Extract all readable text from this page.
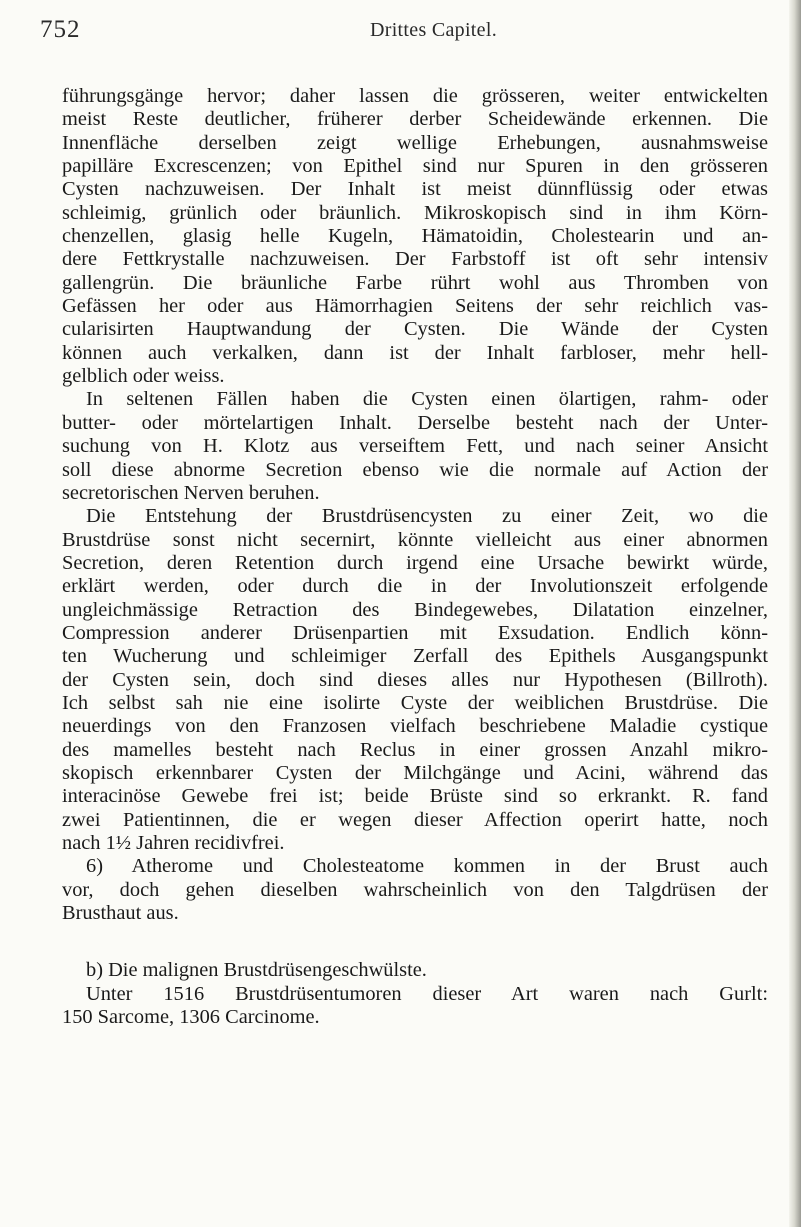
752	Drittes Capitel.
führungsgänge hervor; daher lassen die grösseren, weiter entwickelten
meist Reste deutlicher, früherer derber Scheidewände erkennen. Die
Innenfläche derselben zeigt wellige Erhebungen, ausnahmsweise
papilläre Excrescenzen; von Epithel sind nur Spuren in den grösseren
Cysten nachzuweisen. Der Inhalt ist meist dünnflüssig oder etwas
schleimig, grünlich oder bräunlich. Mikroskopisch sind in ihm Körn-
chenzellen, glasig helle Kugeln, Hämatoidin, Cholestearin und an-
dere Fettkrystalle nachzuweisen. Der Farbstoff ist oft sehr intensiv
gallengrün. Die bräunliche Farbe rührt wohl aus Thromben von
Gefässen her oder aus Hämorrhagien Seitens der sehr reichlich vas-
cularisirten Hauptwandung der Cysten. Die Wände der Cysten
können auch verkalken, dann ist der Inhalt farbloser, mehr hell-
gelblich oder weiss.
In seltenen Fällen haben die Cysten einen ölartigen, rahm- oder
butter- oder mörtelartigen Inhalt. Derselbe besteht nach der Unter-
suchung von H. Klotz aus verseiftem Fett, und nach seiner Ansicht
soll diese abnorme Secretion ebenso wie die normale auf Action der
secretorischen Nerven beruhen.
Die Entstehung der Brustdrüsencysten zu einer Zeit, wo die
Brustdrüse sonst nicht secernirt, könnte vielleicht aus einer abnormen
Secretion, deren Retention durch irgend eine Ursache bewirkt würde,
erklärt werden, oder durch die in der Involutionszeit erfolgende
ungleichmässige Retraction des Bindegewebes, Dilatation einzelner,
Compression anderer Drüsenpartien mit Exsudation. Endlich könn-
ten Wucherung und schleimiger Zerfall des Epithels Ausgangspunkt
der Cysten sein, doch sind dieses alles nur Hypothesen (Billroth).
Ich selbst sah nie eine isolirte Cyste der weiblichen Brustdrüse. Die
neuerdings von den Franzosen vielfach beschriebene Maladie cystique
des mamelles besteht nach Reclus in einer grossen Anzahl mikro-
skopisch erkennbarer Cysten der Milchgänge und Acini, während das
interacinöse Gewebe frei ist; beide Brüste sind so erkrankt. R. fand
zwei Patientinnen, die er wegen dieser Affection operirt hatte, noch
nach 1½ Jahren recidivfrei.
6) Atherome und Cholesteatome kommen in der Brust auch
vor, doch gehen dieselben wahrscheinlich von den Talgdrüsen der
Brusthaut aus.
b) Die malignen Brustdrüsengeschwülste.
Unter 1516 Brustdrüsentumoren dieser Art waren nach Gurlt:
150 Sarcome, 1306 Carcinome.
